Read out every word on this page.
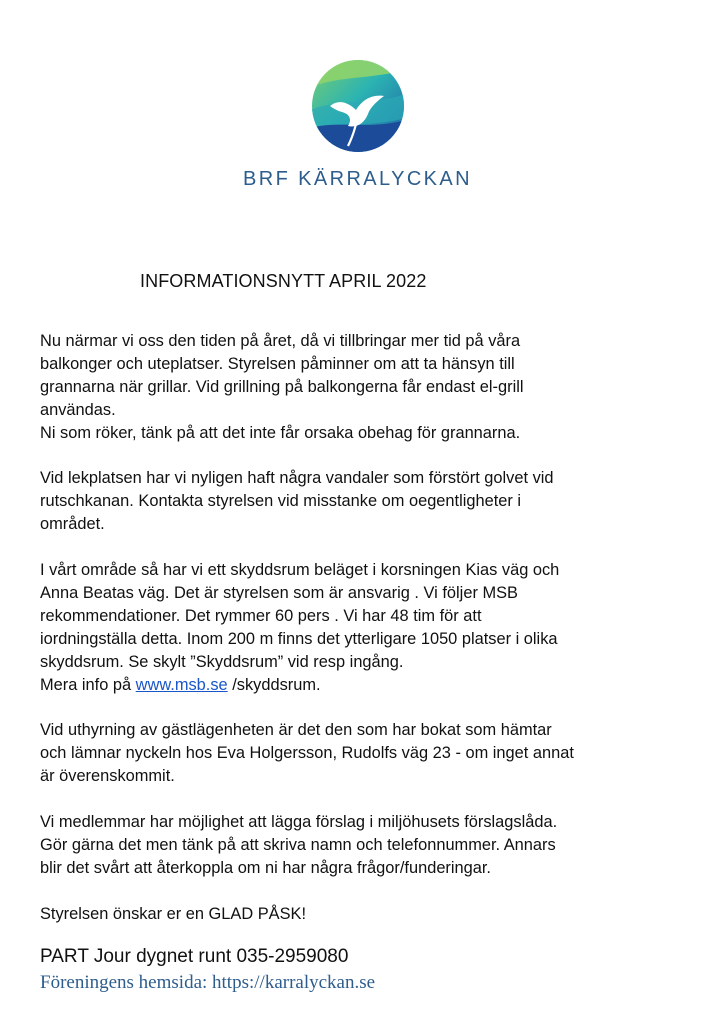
BRF KÄRRALYCKAN
INFORMATIONSNYTT APRIL 2022
Nu närmar vi oss den tiden på året, då vi tillbringar mer tid på våra
balkonger och uteplatser. Styrelsen påminner om att ta hänsyn till
grannarna när grillar. Vid grillning på balkongerna får endast el-grill
användas.
Ni som röker, tänk på att det inte får orsaka obehag för grannarna.
Vid lekplatsen har vi nyligen haft några vandaler som förstört golvet vid
rutschkanan. Kontakta styrelsen vid misstanke om oegentligheter i
området.
I vårt område så har vi ett skyddsrum beläget i korsningen Kias väg och
Anna Beatas väg. Det är styrelsen som är ansvarig . Vi följer MSB
rekommendationer. Det rymmer 60 pers . Vi har 48 tim för att
iordningställa detta. Inom 200 m finns det ytterligare 1050 platser i olika
skyddsrum. Se skylt ”Skyddsrum” vid resp ingång.
Mera info på www.msb.se /skyddsrum.
Vid uthyrning av gästlägenheten är det den som har bokat som hämtar
och lämnar nyckeln hos Eva Holgersson, Rudolfs väg 23 - om inget annat
är överenskommit.
Vi medlemmar har möjlighet att lägga förslag i miljöhusets förslagslåda.
Gör gärna det men tänk på att skriva namn och telefonnummer. Annars
blir det svårt att återkoppla om ni har några frågor/funderingar.
Styrelsen önskar er en GLAD PÅSK!
PART Jour dygnet runt 035-2959080
Föreningens hemsida: https://karralyckan.se
